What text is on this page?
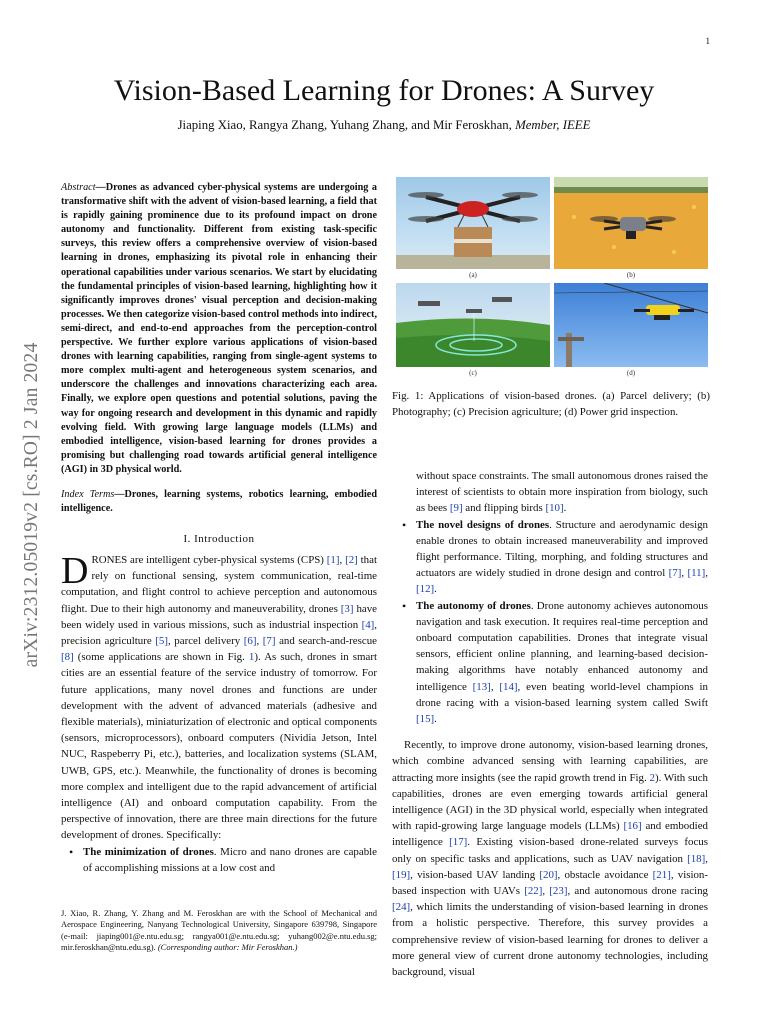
1
arXiv:2312.05019v2 [cs.RO] 2 Jan 2024
Vision-Based Learning for Drones: A Survey
Jiaping Xiao, Rangya Zhang, Yuhang Zhang, and Mir Feroskhan, Member, IEEE
Abstract—Drones as advanced cyber-physical systems are undergoing a transformative shift with the advent of vision-based learning, a field that is rapidly gaining prominence due to its profound impact on drone autonomy and functionality. Different from existing task-specific surveys, this review offers a comprehensive overview of vision-based learning in drones, emphasizing its pivotal role in enhancing their operational capabilities under various scenarios. We start by elucidating the fundamental principles of vision-based learning, highlighting how it significantly improves drones' visual perception and decision-making processes. We then categorize vision-based control methods into indirect, semi-direct, and end-to-end approaches from the perception-control perspective. We further explore various applications of vision-based drones with learning capabilities, ranging from single-agent systems to more complex multi-agent and heterogeneous system scenarios, and underscore the challenges and innovations characterizing each area. Finally, we explore open questions and potential solutions, paving the way for ongoing research and development in this dynamic and rapidly evolving field. With growing large language models (LLMs) and embodied intelligence, vision-based learning for drones provides a promising but challenging road towards artificial general intelligence (AGI) in 3D physical world.
Index Terms—Drones, learning systems, robotics learning, embodied intelligence.
I. Introduction

DRONES are intelligent cyber-physical systems (CPS) [1], [2] that rely on functional sensing, system communication, real-time computation, and flight control to achieve perception and autonomous flight. Due to their high autonomy and maneuverability, drones [3] have been widely used in various missions, such as industrial inspection [4], precision agriculture [5], parcel delivery [6], [7] and search-and-rescue [8] (some applications are shown in Fig. 1). As such, drones in smart cities are an essential feature of the service industry of tomorrow. For future applications, many novel drones and functions are under development with the advent of advanced materials (adhesive and flexible materials), miniaturization of electronic and optical components (sensors, microprocessors), onboard computers (Nividia Jetson, Intel NUC, Raspeberry Pi, etc.), batteries, and localization systems (SLAM, UWB, GPS, etc.). Meanwhile, the functionality of drones is becoming more complex and intelligent due to the rapid advancement of artificial intelligence (AI) and onboard computation capability. From the perspective of innovation, there are three main directions for the future development of drones. Specifically:

• The minimization of drones. Micro and nano drones are capable of accomplishing missions at a low cost and
J. Xiao, R. Zhang, Y. Zhang and M. Feroskhan are with the School of Mechanical and Aerospace Engineering, Nanyang Technological University, Singapore 639798, Singapore (e-mail: jiaping001@e.ntu.edu.sg; rangya001@e.ntu.edu.sg; yuhang002@e.ntu.edu.sg; mir.feroskhan@ntu.edu.sg). (Corresponding author: Mir Feroskhan.)
(a)	(b)
(c)	(d)
Fig. 1: Applications of vision-based drones. (a) Parcel delivery; (b) Photography; (c) Precision agriculture; (d) Power grid inspection.

without space constraints. The small autonomous drones raised the interest of scientists to obtain more inspiration from biology, such as bees [9] and flipping birds [10].

• The novel designs of drones. Structure and aerodynamic design enable drones to obtain increased maneuverability and improved flight performance. Tilting, morphing, and folding structures and actuators are widely studied in drone design and control [7], [11], [12].
• The autonomy of drones. Drone autonomy achieves autonomous navigation and task execution. It requires real-time perception and onboard computation capabilities. Drones that integrate visual sensors, efficient online planning, and learning-based decision-making algorithms have notably enhanced autonomy and intelligence [13], [14], even beating world-level champions in drone racing with a vision-based learning system called Swift [15].

Recently, to improve drone autonomy, vision-based learning drones, which combine advanced sensing with learning capabilities, are attracting more insights (see the rapid growth trend in Fig. 2). With such capabilities, drones are even emerging towards artificial general intelligence (AGI) in the 3D physical world, especially when integrated with rapid-growing large language models (LLMs) [16] and embodied intelligence [17]. Existing vision-based drone-related surveys focus only on specific tasks and applications, such as UAV navigation [18], [19], vision-based UAV landing [20], obstacle avoidance [21], vision-based inspection with UAVs [22], [23], and autonomous drone racing [24], which limits the understanding of vision-based learning in drones from a holistic perspective. Therefore, this survey provides a comprehensive review of vision-based learning for drones to deliver a more general view of current drone autonomy technologies, including background, visual
